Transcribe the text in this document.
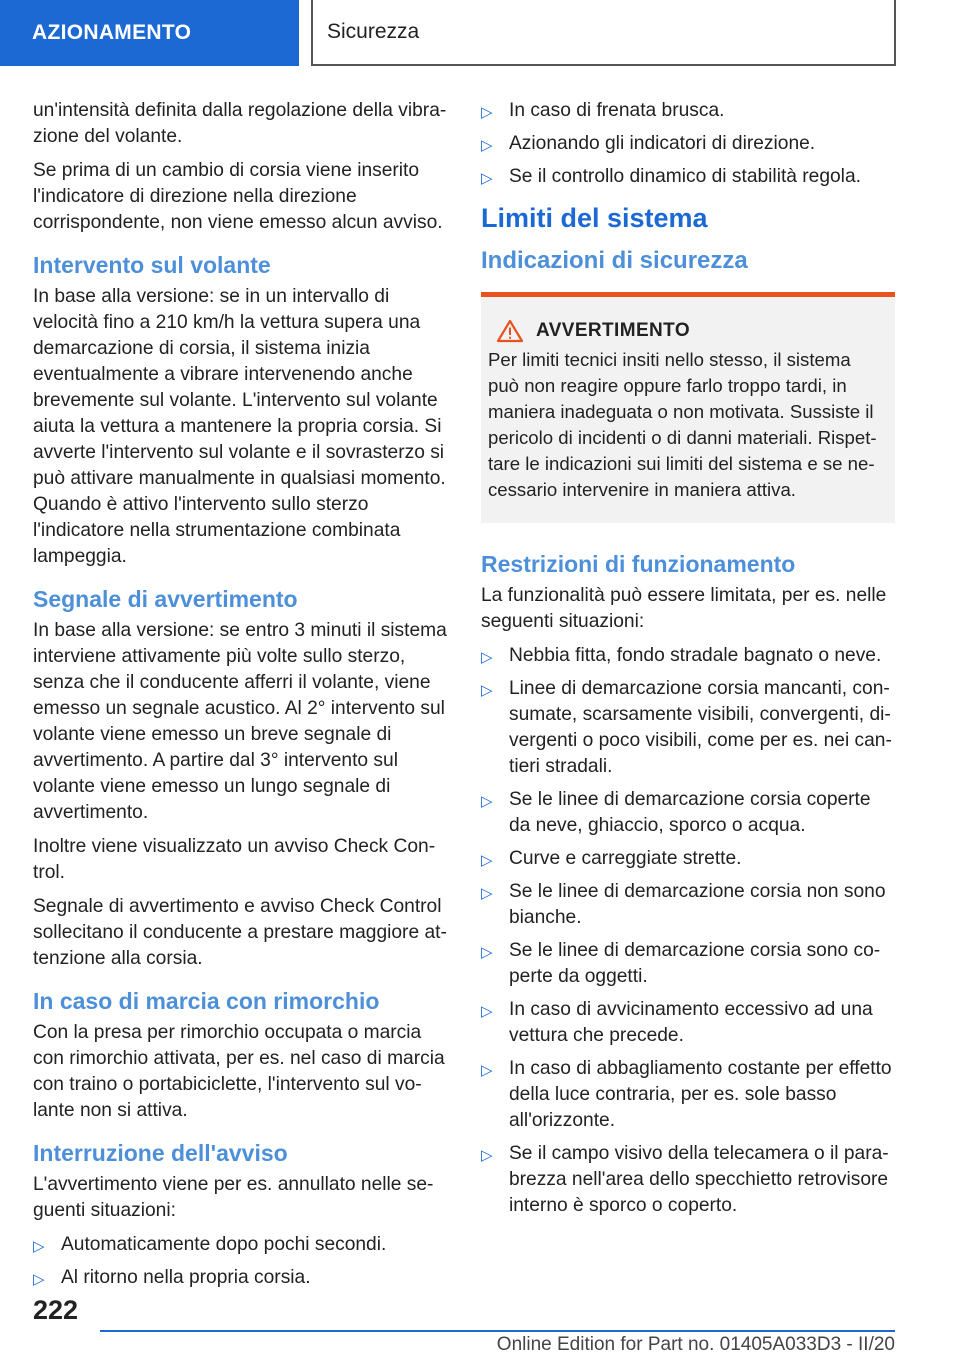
AZIONAMENTO	Sicurezza

un'intensità definita dalla regolazione della vibrazione del volante.

Se prima di un cambio di corsia viene inserito l'indicatore di direzione nella direzione corrispondente, non viene emesso alcun avviso.

Intervento sul volante

In base alla versione: se in un intervallo di velocità fino a 210 km/h la vettura supera una demarcazione di corsia, il sistema inizia eventualmente a vibrare intervenendo anche brevemente sul volante. L'intervento sul volante aiuta la vettura a mantenere la propria corsia. Si avverte l'intervento sul volante e il sovrasterzo si può attivare manualmente in qualsiasi momento. Quando è attivo l'intervento sullo sterzo l'indicatore nella strumentazione combinata lampeggia.

Segnale di avvertimento

In base alla versione: se entro 3 minuti il sistema interviene attivamente più volte sullo sterzo, senza che il conducente afferri il volante, viene emesso un segnale acustico. Al 2° intervento sul volante viene emesso un breve segnale di avvertimento. A partire dal 3° intervento sul volante viene emesso un lungo segnale di avvertimento.

Inoltre viene visualizzato un avviso Check Control.

Segnale di avvertimento e avviso Check Control sollecitano il conducente a prestare maggiore attenzione alla corsia.

In caso di marcia con rimorchio

Con la presa per rimorchio occupata o marcia con rimorchio attivata, per es. nel caso di marcia con traino o portabiciclette, l'intervento sul volante non si attiva.

Interruzione dell'avviso

L'avvertimento viene per es. annullato nelle seguenti situazioni:

▷ Automaticamente dopo pochi secondi.
▷ Al ritorno nella propria corsia.
▷ In caso di frenata brusca.
▷ Azionando gli indicatori di direzione.
▷ Se il controllo dinamico di stabilità regola.
Limiti del sistema
Indicazioni di sicurezza
AVVERTIMENTO

Per limiti tecnici insiti nello stesso, il sistema può non reagire oppure farlo troppo tardi, in maniera inadeguata o non motivata. Sussiste il pericolo di incidenti o di danni materiali. Rispettare le indicazioni sui limiti del sistema e se necessario intervenire in maniera attiva.

Restrizioni di funzionamento

La funzionalità può essere limitata, per es. nelle seguenti situazioni:

▷ Nebbia fitta, fondo stradale bagnato o neve.
▷ Linee di demarcazione corsia mancanti, consumate, scarsamente visibili, convergenti, divergenti o poco visibili, come per es. nei cantieri stradali.
▷ Se le linee di demarcazione corsia coperte da neve, ghiaccio, sporco o acqua.
▷ Curve e carreggiate strette.
▷ Se le linee di demarcazione corsia non sono bianche.
▷ Se le linee di demarcazione corsia sono coperte da oggetti.
▷ In caso di avvicinamento eccessivo ad una vettura che precede.
▷ In caso di abbagliamento costante per effetto della luce contraria, per es. sole basso all'orizzonte.
▷ Se il campo visivo della telecamera o il parabrezza nell'area dello specchietto retrovisore interno è sporco o coperto.
222
Online Edition for Part no. 01405A033D3 - II/20
